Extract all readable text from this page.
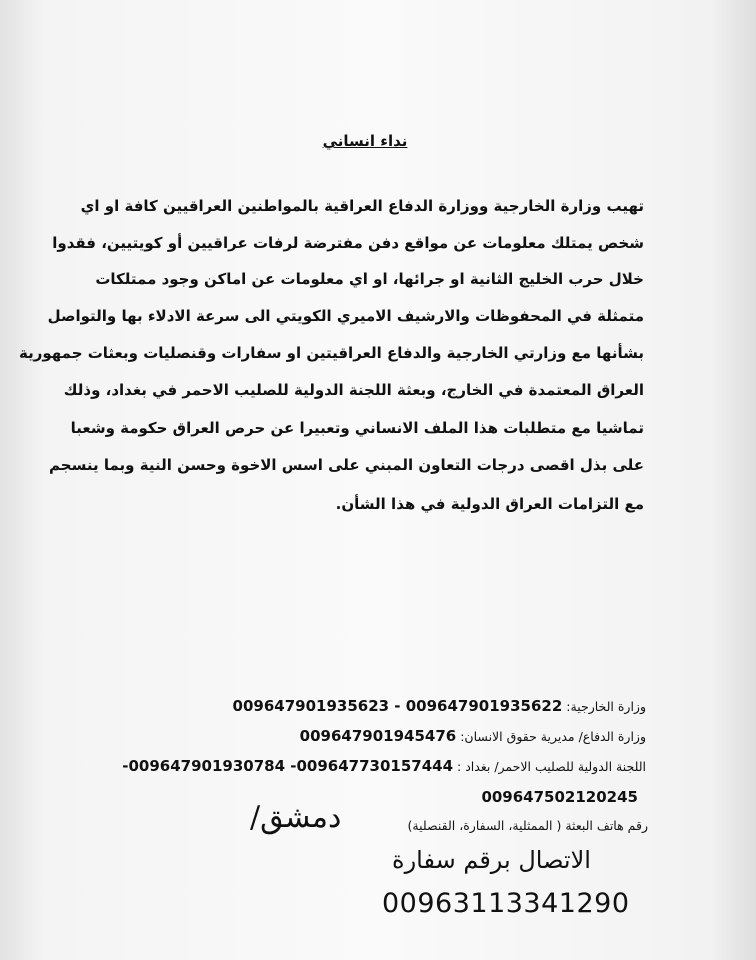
نداء انساني
تهيب وزارة الخارجية ووزارة الدفاع العراقية بالمواطنين العراقيين كافة او اي
شخص يمتلك معلومات عن مواقع دفن مفترضة لرفات عراقيين أو كويتيين، فقدوا
خلال حرب الخليج الثانية او جرائها، او اي معلومات عن اماكن وجود ممتلكات
متمثلة في المحفوظات والارشيف الاميري الكويتي الى سرعة الادلاء بها والتواصل
بشأنها مع وزارتي الخارجية والدفاع العراقيتين او سفارات وقنصليات وبعثات جمهورية
العراق المعتمدة في الخارج، وبعثة اللجنة الدولية للصليب الاحمر في بغداد، وذلك
تماشيا مع متطلبات هذا الملف الانساني وتعبيرا عن حرص العراق حكومة وشعبا
على بذل اقصى درجات التعاون المبني على اسس الاخوة وحسن النية وبما ينسجم
مع التزامات العراق الدولية في هذا الشأن.
وزارة الخارجية: 009647901935623 - 009647901935622
وزارة الدفاع/ مديرية حقوق الانسان: 009647901945476
اللجنة الدولية للصليب الاحمر/ بغداد : -009647901930784 -009647730157444
009647502120245
رقم هاتف البعثة ( الممثلية، السفارة، القنصلية)
دمشق/
الاتصال برقم سفارة
00963113341290
